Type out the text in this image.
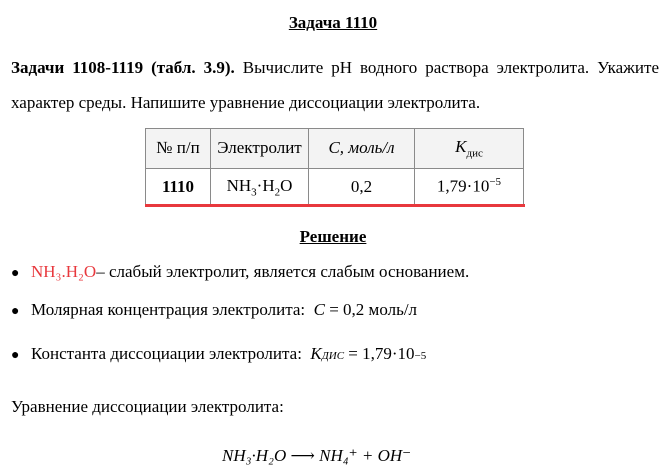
Задача 1110
Задачи 1108-1119 (табл. 3.9). Вычислите pH водного раствора электролита. Укажите характер среды. Напишите уравнение диссоциации электролита.
№ п/п	Электролит	C, моль/л	$K_{дис}$
1110	$NH_3\cdot H_2O$	0,2	$1,79\cdot 10^{-5}$
Решение
● NH₃.H₂O – слабый электролит, является слабым основанием.
● Молярная концентрация электролита: C = 0,2 моль/л
● Константа диссоциации электролита: K ДИС = 1,79·10 −5
Уравнение диссоциации электролита:
NH₃·H₂O ⟶ NH₄⁺ + OH⁻
